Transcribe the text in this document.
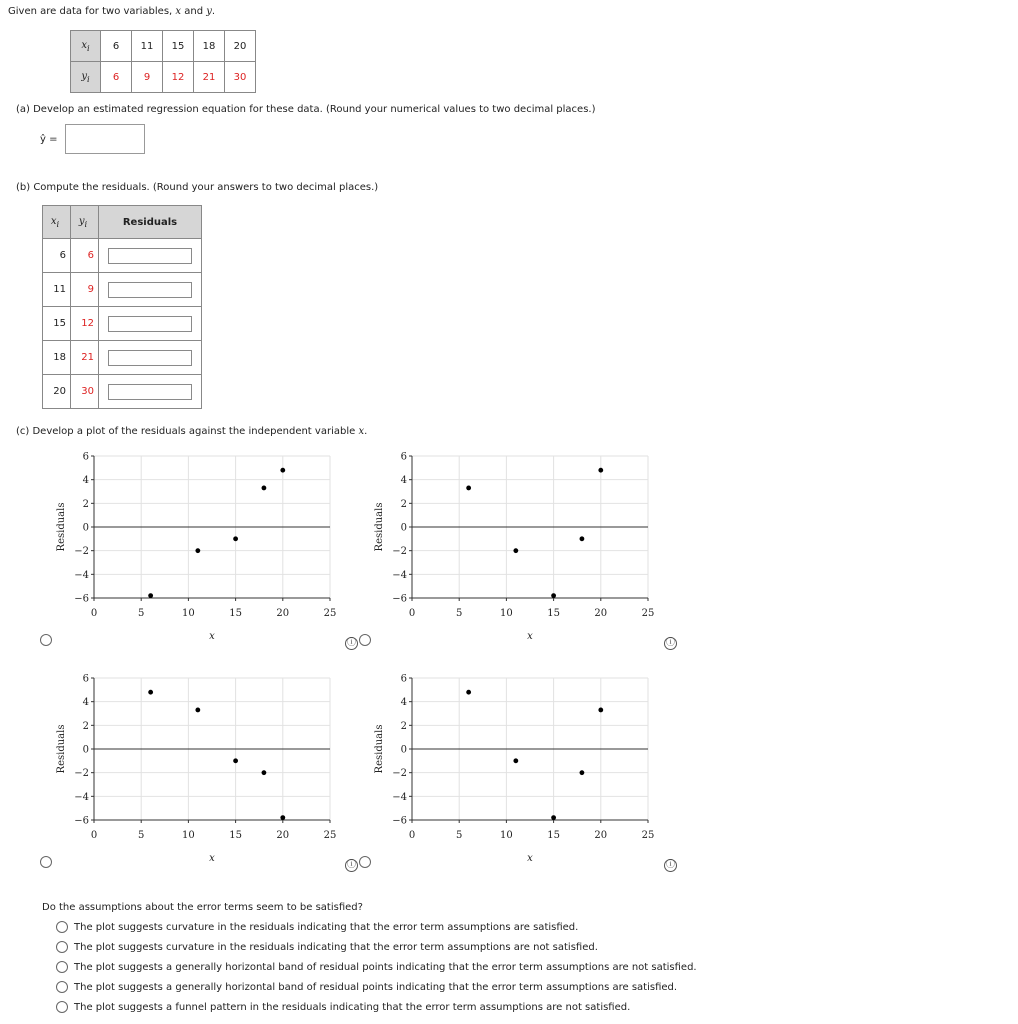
Given are data for two variables, x and y.
$x_i$	6	11	15	18	20
$y_i$	6	9	12	21	30
(a) Develop an estimated regression equation for these data. (Round your numerical values to two decimal places.)
ŷ =
(b) Compute the residuals. (Round your answers to two decimal places.)
$x_i$	$y_i$	Residuals
6	6	
11	9	
15	12	
18	21	
20	30	
(c) Develop a plot of the residuals against the independent variable x.
6
4
2
0
−2
−4
−6
0	5	10	15	20	25
Residuals
x
6
4
2
0
−2
−4
−6
0	5	10	15	20	25
Residuals
x
6
4
2
0
−2
−4
−6
0	5	10	15	20	25
Residuals
x
6
4
2
0
−2
−4
−6
0	5	10	15	20	25
Residuals
x
ⓘ	ⓘ
ⓘ	ⓘ
Do the assumptions about the error terms seem to be satisfied?
The plot suggests curvature in the residuals indicating that the error term assumptions are satisfied.
The plot suggests curvature in the residuals indicating that the error term assumptions are not satisfied.
The plot suggests a generally horizontal band of residual points indicating that the error term assumptions are not satisfied.
The plot suggests a generally horizontal band of residual points indicating that the error term assumptions are satisfied.
The plot suggests a funnel pattern in the residuals indicating that the error term assumptions are not satisfied.
